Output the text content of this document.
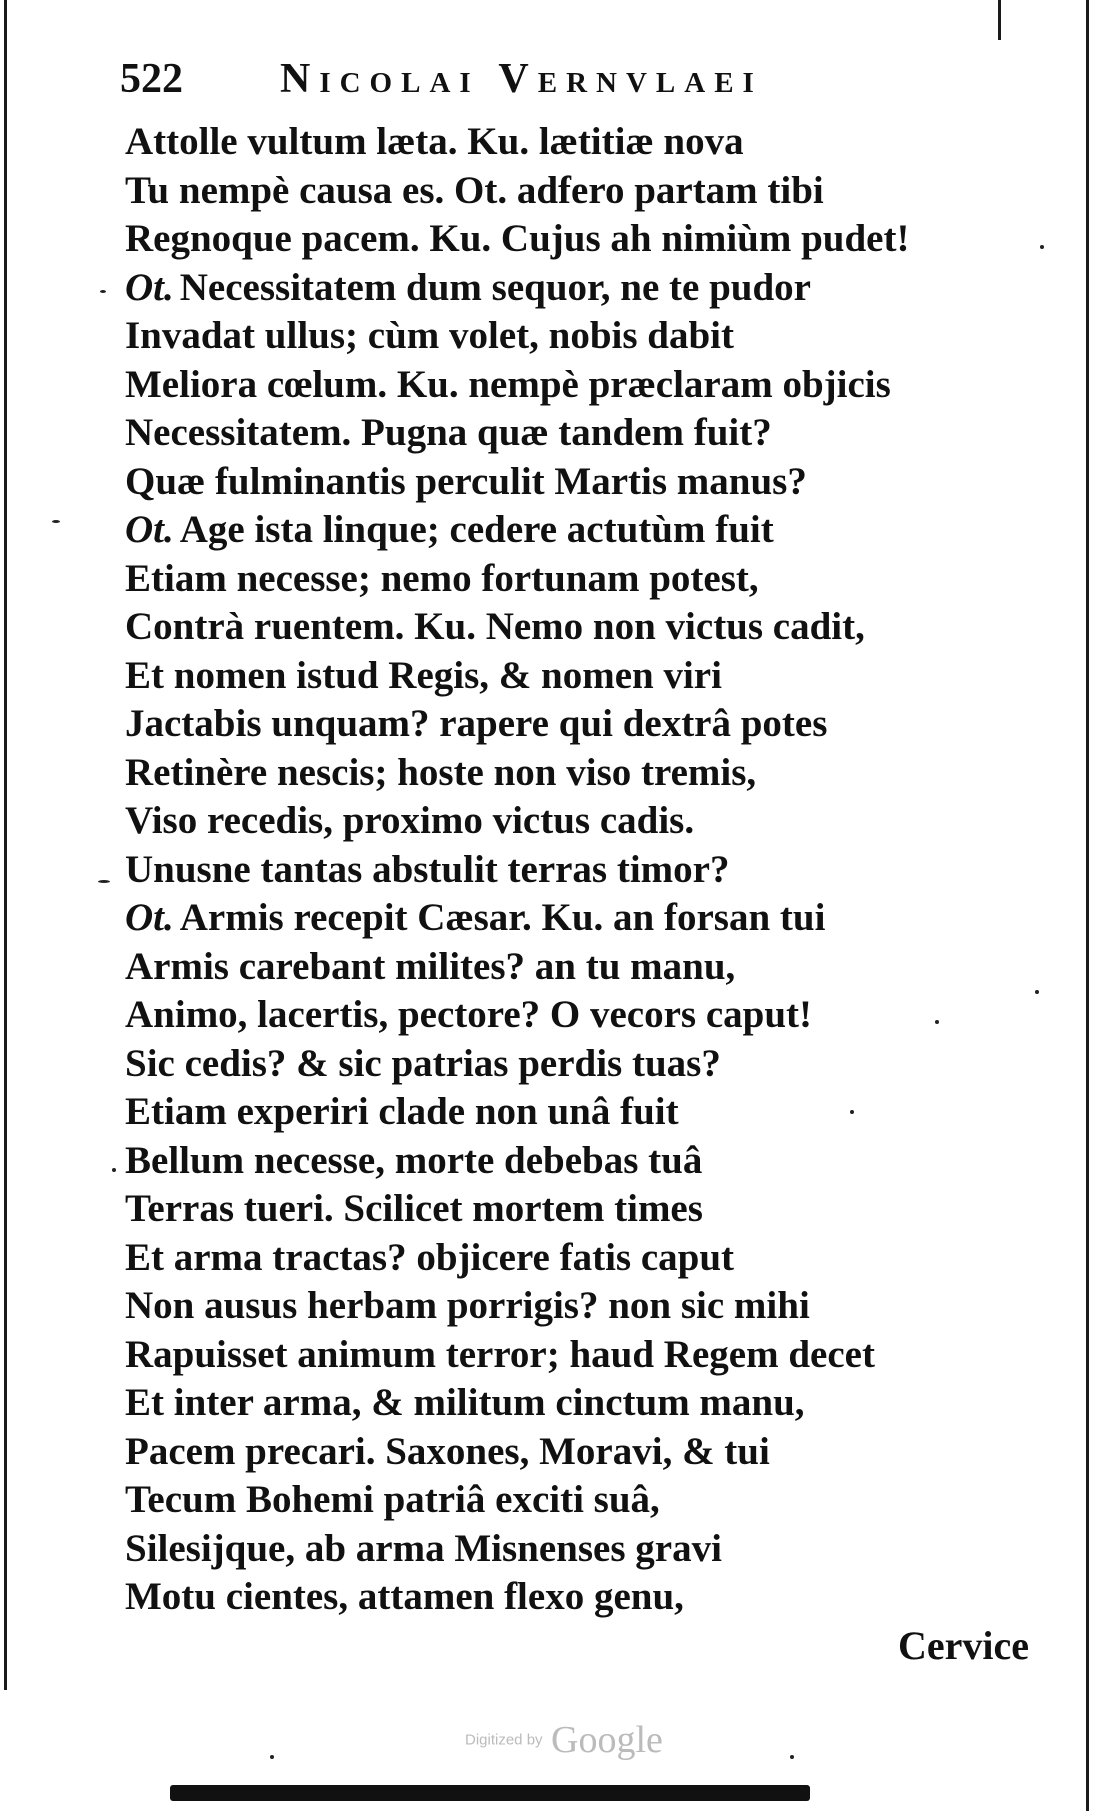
522 Nicolai Vernvlaei
Attolle vultum læta. Ku. lætitiæ nova
Tu nempè causa es. Ot. adfero partam tibi
Regnoque pacem. Ku. Cujus ah nimiùm pudet!
Ot. Necessitatem dum sequor, ne te pudor
Invadat ullus; cùm volet, nobis dabit
Meliora cœlum. Ku. nempè præclaram objicis
Necessitatem. Pugna quæ tandem fuit?
Quæ fulminantis perculit Martis manus?
Ot. Age ista linque; cedere actutùm fuit
Etiam necesse; nemo fortunam potest,
Contrà ruentem. Ku. Nemo non victus cadit,
Et nomen istud Regis, & nomen viri
Jactabis unquam? rapere qui dextrâ potes
Retinère nescis; hoste non viso tremis,
Viso recedis, proximo victus cadis.
Unusne tantas abstulit terras timor?
Ot. Armis recepit Cæsar. Ku. an forsan tui
Armis carebant milites? an tu manu,
Animo, lacertis, pectore? O vecors caput!
Sic cedis? & sic patrias perdis tuas?
Etiam experiri clade non unâ fuit
Bellum necesse, morte debebas tuâ
Terras tueri. Scilicet mortem times
Et arma tractas? objicere fatis caput
Non ausus herbam porrigis? non sic mihi
Rapuisset animum terror; haud Regem decet
Et inter arma, & militum cinctum manu,
Pacem precari. Saxones, Moravi, & tui
Tecum Bohemi patriâ exciti suâ,
Silesijque, ab arma Misnenses gravi
Motu cientes, attamen flexo genu,
Cervice
Digitized by Google
